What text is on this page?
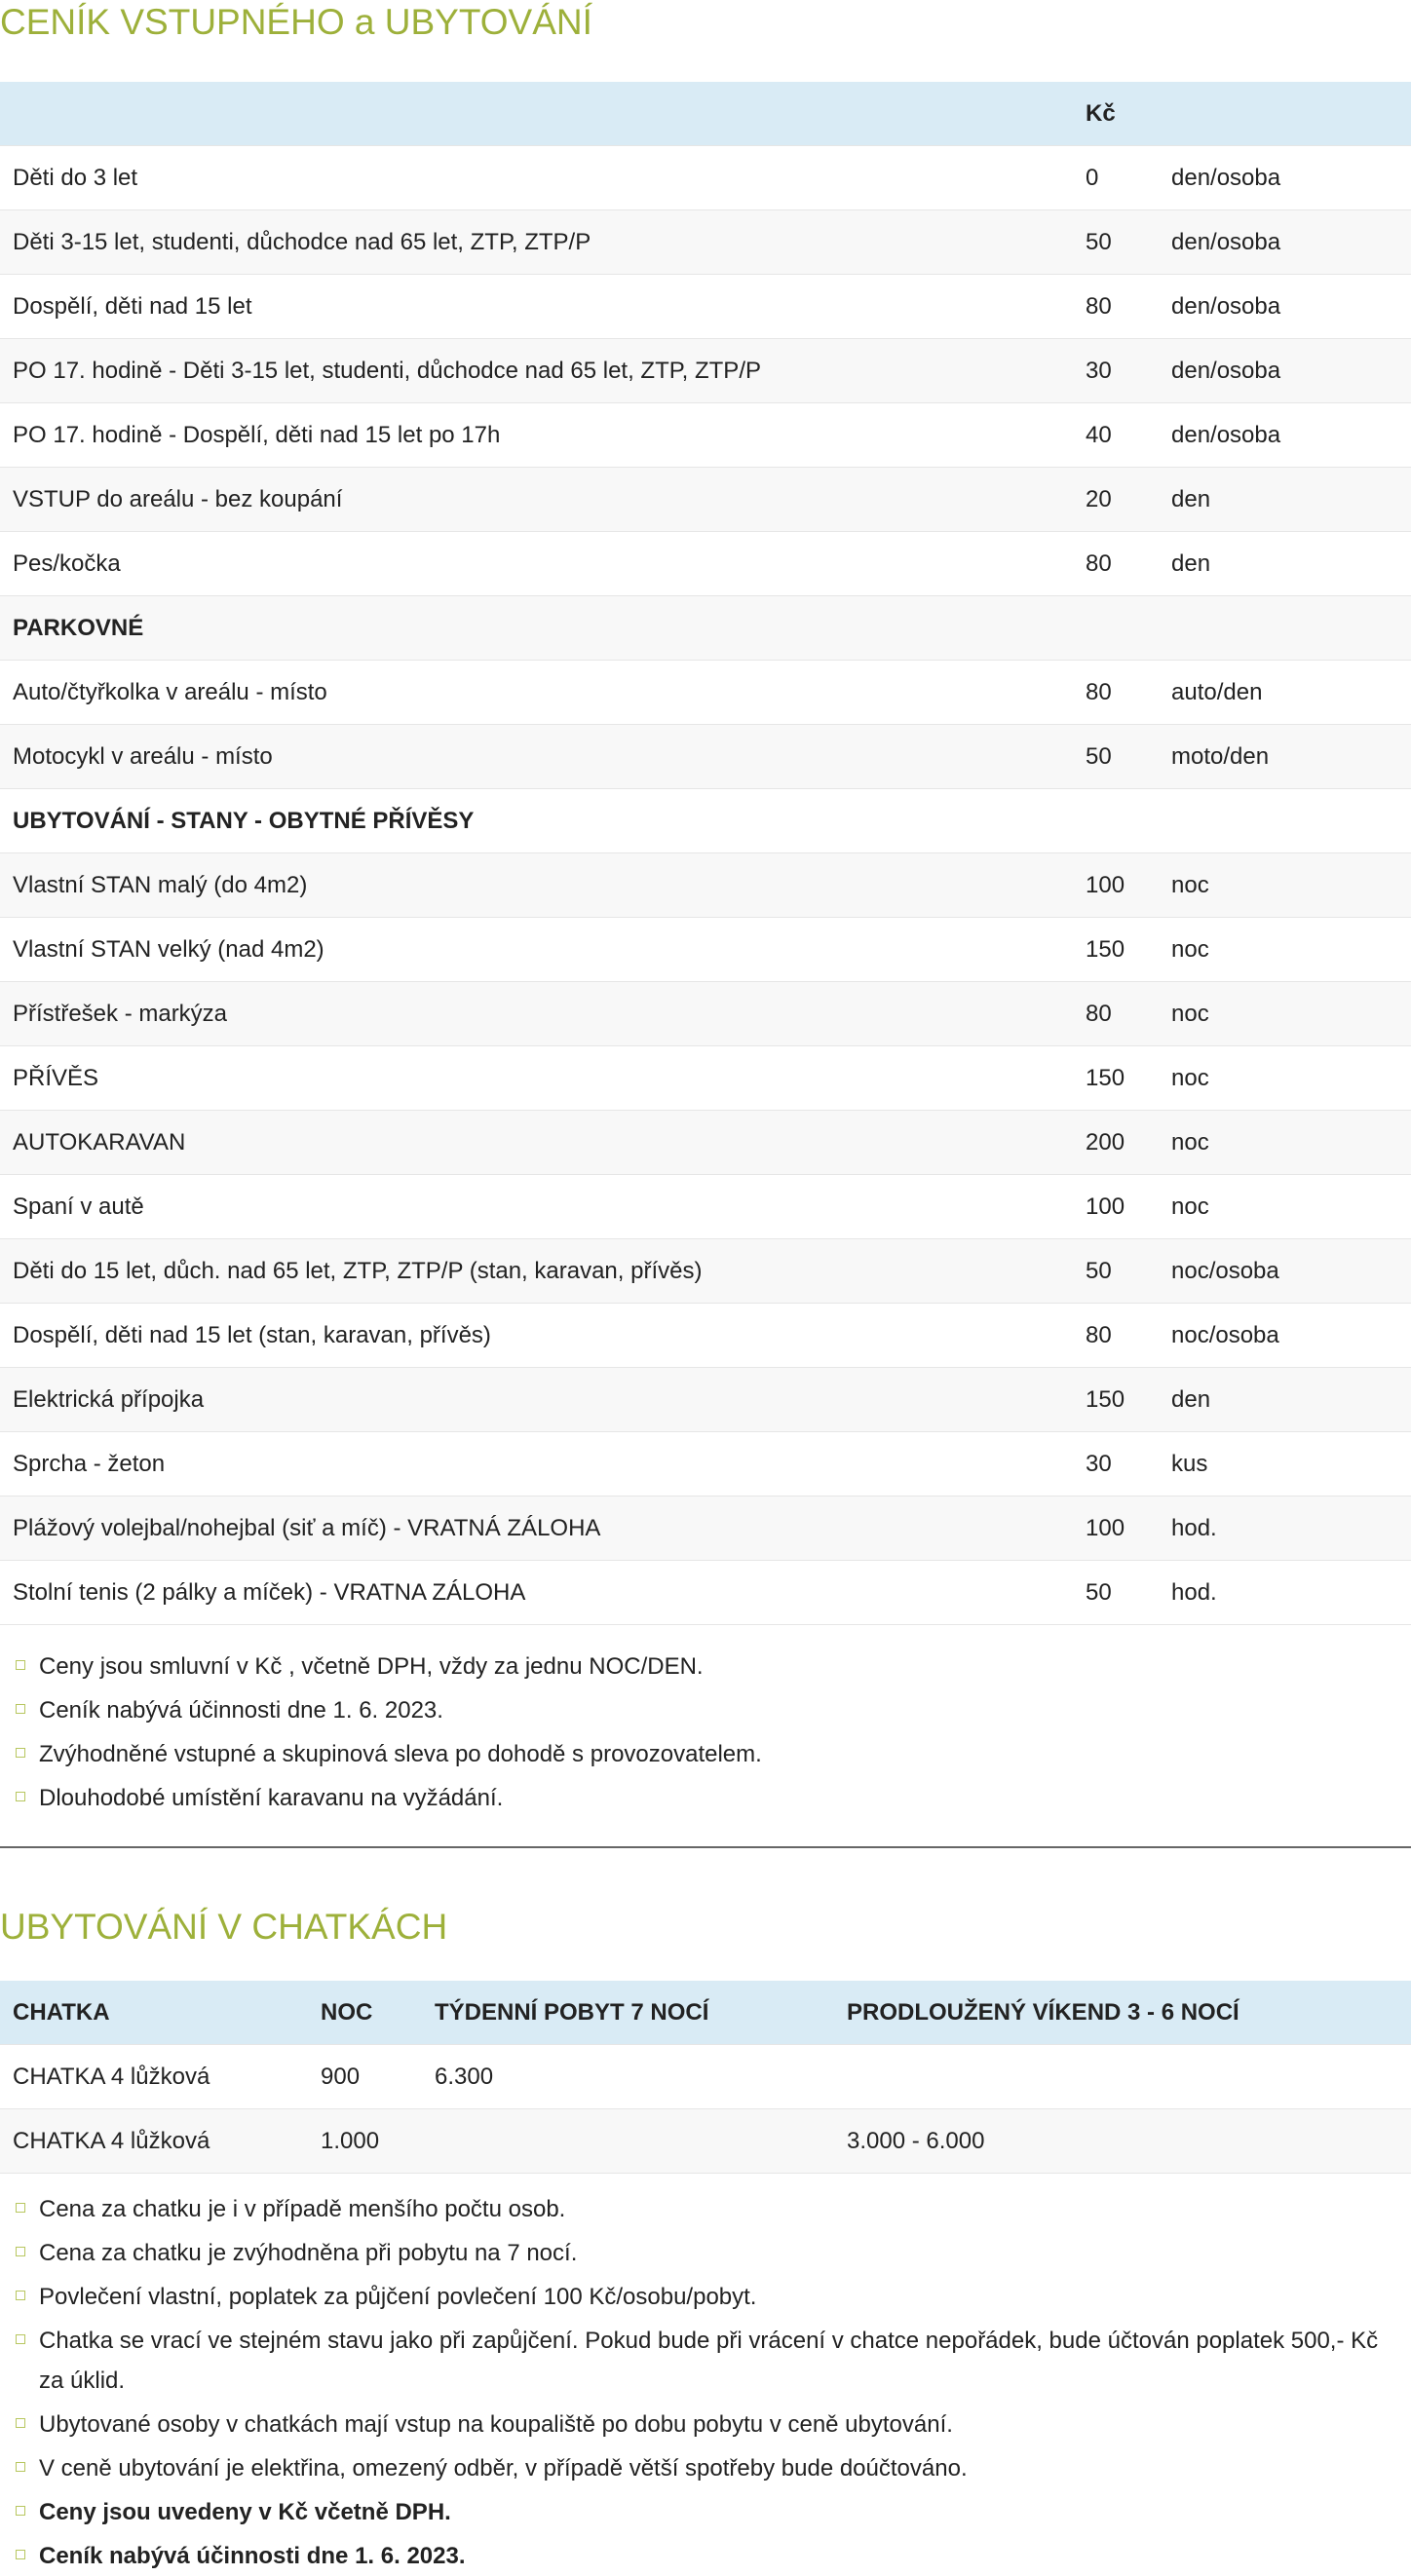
CENÍK VSTUPNÉHO a UBYTOVÁNÍ
	Kč	
Děti do 3 let	0	den/osoba
Děti 3-15 let, studenti, důchodce nad 65 let, ZTP, ZTP/P	50	den/osoba
Dospělí, děti nad 15 let	80	den/osoba
PO 17. hodině - Děti 3-15 let, studenti, důchodce nad 65 let, ZTP, ZTP/P	30	den/osoba
PO 17. hodině - Dospělí, děti nad 15 let po 17h	40	den/osoba
VSTUP do areálu - bez koupání	20	den
Pes/kočka	80	den
PARKOVNÉ		
Auto/čtyřkolka v areálu - místo	80	auto/den
Motocykl v areálu - místo	50	moto/den
UBYTOVÁNÍ - STANY - OBYTNÉ PŘÍVĚSY		
Vlastní STAN malý (do 4m2)	100	noc
Vlastní STAN velký (nad 4m2)	150	noc
Přístřešek - markýza	80	noc
PŘÍVĚS	150	noc
AUTOKARAVAN	200	noc
Spaní v autě	100	noc
Děti do 15 let, důch. nad 65 let, ZTP, ZTP/P (stan, karavan, přívěs)	50	noc/osoba
Dospělí, děti nad 15 let (stan, karavan, přívěs)	80	noc/osoba
Elektrická přípojka	150	den
Sprcha - žeton	30	kus
Plážový volejbal/nohejbal (siť a míč) - VRATNÁ ZÁLOHA	100	hod.
Stolní tenis (2 pálky a míček) - VRATNA ZÁLOHA	50	hod.
Ceny jsou smluvní v Kč , včetně DPH, vždy za jednu NOC/DEN.
Ceník nabývá účinnosti dne 1. 6. 2023.
Zvýhodněné vstupné a skupinová sleva po dohodě s provozovatelem.
Dlouhodobé umístění karavanu na vyžádání.
UBYTOVÁNÍ V CHATKÁCH
CHATKA	NOC	TÝDENNÍ POBYT 7 NOCÍ	PRODLOUŽENÝ VÍKEND 3 - 6 NOCÍ
CHATKA 4 lůžková	900	6.300	
CHATKA 4 lůžková	1.000		3.000 - 6.000
Cena za chatku je i v případě menšího počtu osob.
Cena za chatku je zvýhodněna při pobytu na 7 nocí.
Povlečení vlastní, poplatek za půjčení povlečení 100 Kč/osobu/pobyt.
Chatka se vrací ve stejném stavu jako při zapůjčení. Pokud bude při vrácení v chatce nepořádek, bude účtován poplatek 500,- Kč za úklid.
Ubytované osoby v chatkách mají vstup na koupaliště po dobu pobytu v ceně ubytování.
V ceně ubytování je elektřina, omezený odběr, v případě větší spotřeby bude doúčtováno.
Ceny jsou uvedeny v Kč včetně DPH.
Ceník nabývá účinnosti dne 1. 6. 2023.
